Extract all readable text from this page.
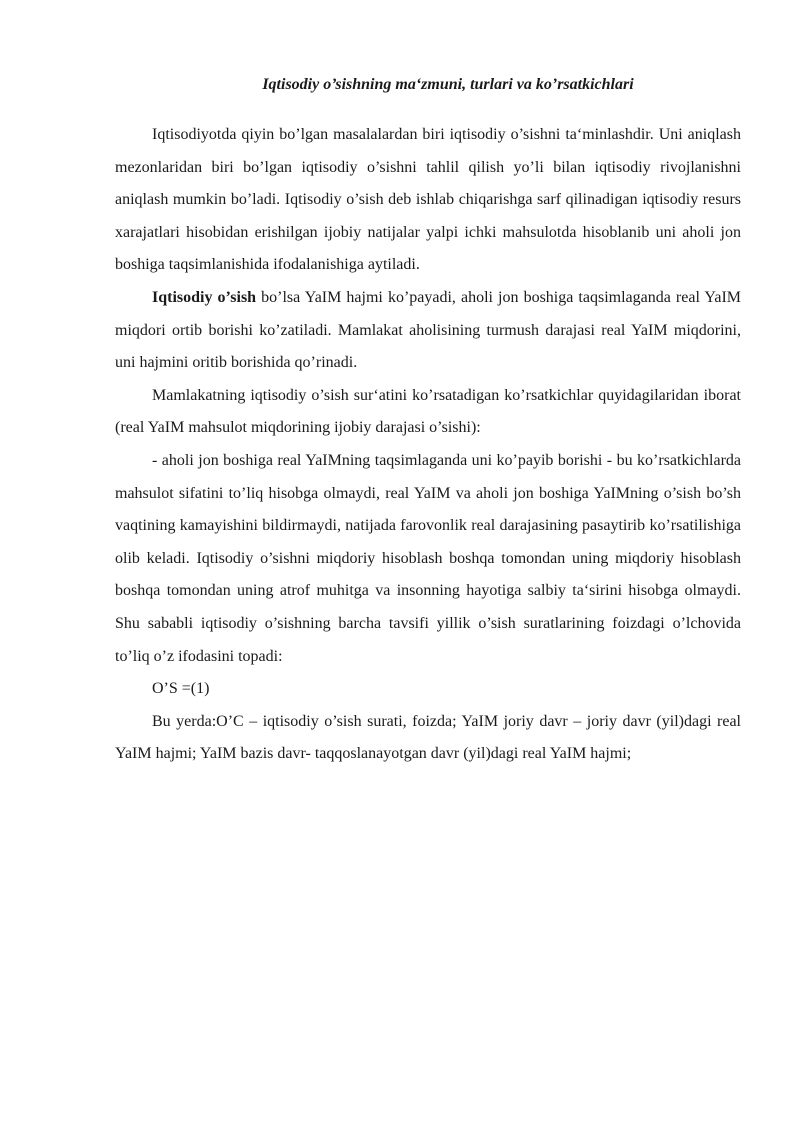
Iqtisodiy o’sishning ma‘zmuni, turlari va ko’rsatkichlari

Iqtisodiyotda qiyin bo’lgan masalalardan biri iqtisodiy o’sishni ta‘minlashdir. Uni aniqlash mezonlaridan biri bo’lgan iqtisodiy o’sishni tahlil qilish yo’li bilan iqtisodiy rivojlanishni aniqlash mumkin bo’ladi. Iqtisodiy o’sish deb ishlab chiqarishga sarf qilinadigan iqtisodiy resurs xarajatlari hisobidan erishilgan ijobiy natijalar yalpi ichki mahsulotda hisoblanib uni aholi jon boshiga taqsimlanishida ifodalanishiga aytiladi.

Iqtisodiy o’sish bo’lsa YaIM hajmi ko’payadi, aholi jon boshiga taqsimlaganda real YaIM miqdori ortib borishi ko’zatiladi. Mamlakat aholisining turmush darajasi real YaIM miqdorini, uni hajmini oritib borishida qo’rinadi.

Mamlakatning iqtisodiy o’sish sur‘atini ko’rsatadigan ko’rsatkichlar quyidagilaridan iborat (real YaIM mahsulot miqdorining ijobiy darajasi o’sishi):

- aholi jon boshiga real YaIMning taqsimlaganda uni ko’payib borishi - bu ko’rsatkichlarda mahsulot sifatini to’liq hisobga olmaydi, real YaIM va aholi jon boshiga YaIMning o’sish bo’sh vaqtining kamayishini bildirmaydi, natijada farovonlik real darajasining pasaytirib ko’rsatilishiga olib keladi. Iqtisodiy o’sishni miqdoriy hisoblash boshqa tomondan uning miqdoriy hisoblash boshqa tomondan uning atrof muhitga va insonning hayotiga salbiy ta‘sirini hisobga olmaydi. Shu sababli iqtisodiy o’sishning barcha tavsifi yillik o’sish suratlarining foizdagi o’lchovida to’liq o’z ifodasini topadi:

O’S =(1)

Bu yerda:O’C – iqtisodiy o’sish surati, foizda; YaIM joriy davr – joriy davr (yil)dagi real YaIM hajmi; YaIM bazis davr- taqqoslanayotgan davr (yil)dagi real YaIM hajmi;
